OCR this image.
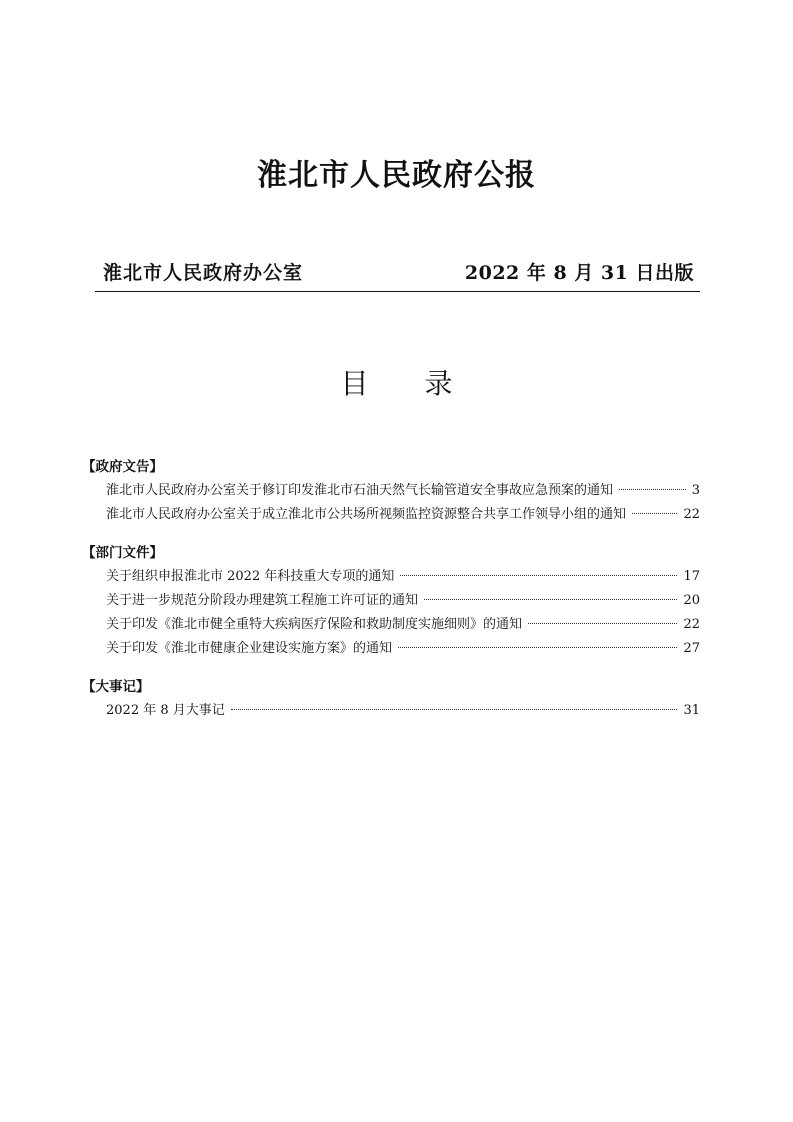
淮北市人民政府公报
淮北市人民政府办公室	2022 年 8 月 31 日出版
目录
【政府文告】
淮北市人民政府办公室关于修订印发淮北市石油天然气长输管道安全事故应急预案的通知	3
淮北市人民政府办公室关于成立淮北市公共场所视频监控资源整合共享工作领导小组的通知	22
【部门文件】
关于组织申报淮北市 2022 年科技重大专项的通知	17
关于进一步规范分阶段办理建筑工程施工许可证的通知	20
关于印发《淮北市健全重特大疾病医疗保险和救助制度实施细则》的通知	22
关于印发《淮北市健康企业建设实施方案》的通知	27
【大事记】
2022 年 8 月大事记	31
